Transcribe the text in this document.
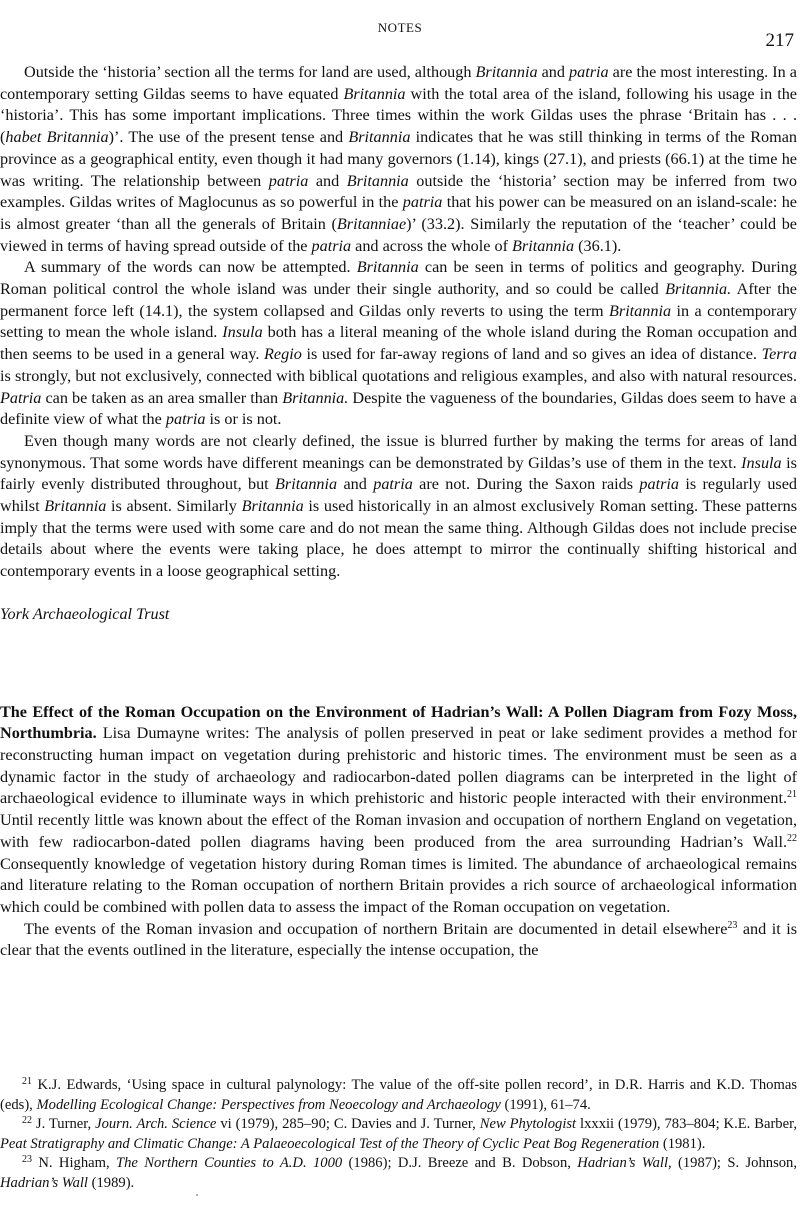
NOTES
217

Outside the ‘historia’ section all the terms for land are used, although Britannia and patria are the most interesting. In a contemporary setting Gildas seems to have equated Britannia with the total area of the island, following his usage in the ‘historia’. This has some important implications. Three times within the work Gildas uses the phrase ‘Britain has . . . (habet Britannia)’. The use of the present tense and Britannia indicates that he was still thinking in terms of the Roman province as a geographical entity, even though it had many governors (1.14), kings (27.1), and priests (66.1) at the time he was writing. The relationship between patria and Britannia outside the ‘historia’ section may be inferred from two examples. Gildas writes of Maglocunus as so powerful in the patria that his power can be measured on an island-scale: he is almost greater ‘than all the generals of Britain (Britanniae)’ (33.2). Similarly the reputation of the ‘teacher’ could be viewed in terms of having spread outside of the patria and across the whole of Britannia (36.1).

A summary of the words can now be attempted. Britannia can be seen in terms of politics and geography. During Roman political control the whole island was under their single authority, and so could be called Britannia. After the permanent force left (14.1), the system collapsed and Gildas only reverts to using the term Britannia in a contemporary setting to mean the whole island. Insula both has a literal meaning of the whole island during the Roman occupation and then seems to be used in a general way. Regio is used for far-away regions of land and so gives an idea of distance. Terra is strongly, but not exclusively, connected with biblical quotations and religious examples, and also with natural resources. Patria can be taken as an area smaller than Britannia. Despite the vagueness of the boundaries, Gildas does seem to have a definite view of what the patria is or is not.

Even though many words are not clearly defined, the issue is blurred further by making the terms for areas of land synonymous. That some words have different meanings can be demonstrated by Gildas’s use of them in the text. Insula is fairly evenly distributed throughout, but Britannia and patria are not. During the Saxon raids patria is regularly used whilst Britannia is absent. Similarly Britannia is used historically in an almost exclusively Roman setting. These patterns imply that the terms were used with some care and do not mean the same thing. Although Gildas does not include precise details about where the events were taking place, he does attempt to mirror the continually shifting historical and contemporary events in a loose geographical setting.

York Archaeological Trust

The Effect of the Roman Occupation on the Environment of Hadrian’s Wall: A Pollen Diagram from Fozy Moss, Northumbria. Lisa Dumayne writes: The analysis of pollen preserved in peat or lake sediment provides a method for reconstructing human impact on vegetation during prehistoric and historic times. The environment must be seen as a dynamic factor in the study of archaeology and radiocarbon-dated pollen diagrams can be interpreted in the light of archaeological evidence to illuminate ways in which prehistoric and historic people interacted with their environment.$^{21}$ Until recently little was known about the effect of the Roman invasion and occupation of northern England on vegetation, with few radiocarbon-dated pollen diagrams having been produced from the area surrounding Hadrian’s Wall.$^{22}$ Consequently knowledge of vegetation history during Roman times is limited. The abundance of archaeological remains and literature relating to the Roman occupation of northern Britain provides a rich source of archaeological information which could be combined with pollen data to assess the impact of the Roman occupation on vegetation.

The events of the Roman invasion and occupation of northern Britain are documented in detail elsewhere$^{23}$ and it is clear that the events outlined in the literature, especially the intense occupation, the

$^{21}$ K.J. Edwards, ‘Using space in cultural palynology: The value of the off-site pollen record’, in D.R. Harris and K.D. Thomas (eds), Modelling Ecological Change: Perspectives from Neoecology and Archaeology (1991), 61–74.

$^{22}$ J. Turner, Journ. Arch. Science vi (1979), 285–90; C. Davies and J. Turner, New Phytologist lxxxii (1979), 783–804; K.E. Barber, Peat Stratigraphy and Climatic Change: A Palaeoecological Test of the Theory of Cyclic Peat Bog Regeneration (1981).

$^{23}$ N. Higham, The Northern Counties to A.D. 1000 (1986); D.J. Breeze and B. Dobson, Hadrian’s Wall, (1987); S. Johnson, Hadrian’s Wall (1989).
